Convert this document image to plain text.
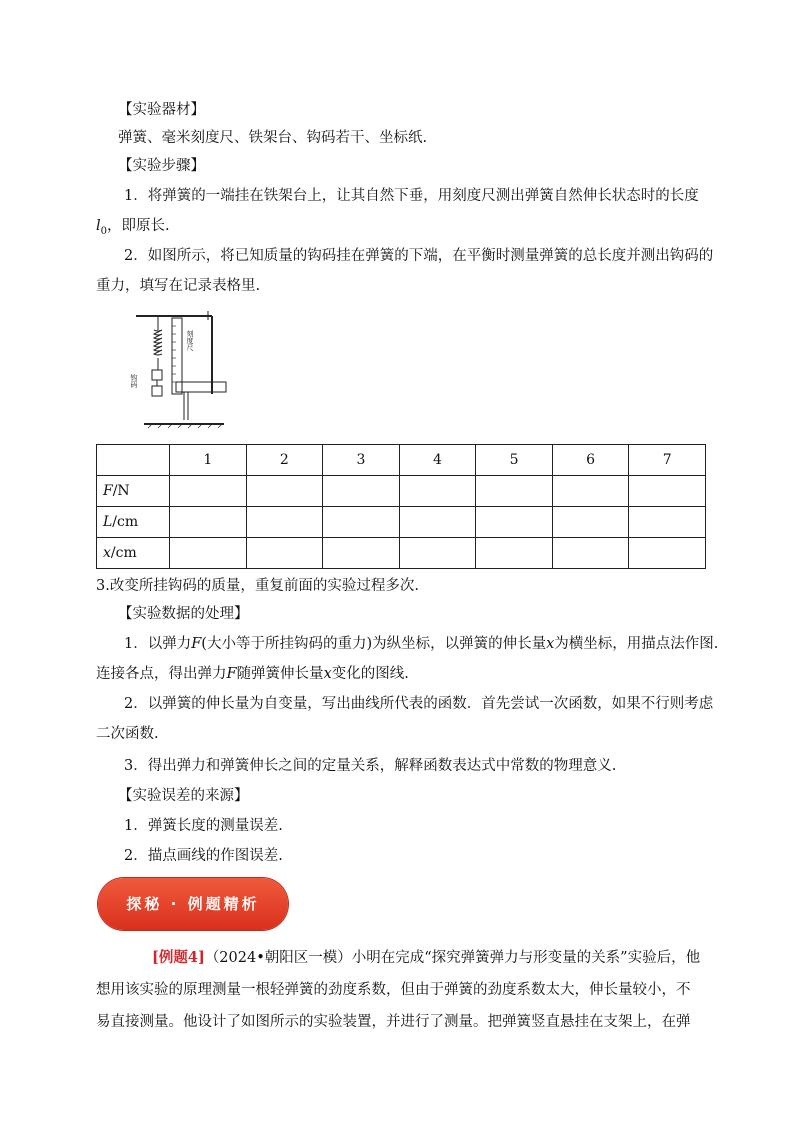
【实验器材】
弹簧、毫米刻度尺、铁架台、钩码若干、坐标纸.
【实验步骤】
1．将弹簧的一端挂在铁架台上，让其自然下垂，用刻度尺测出弹簧自然伸长状态时的长度
$l_0$，即原长.
2．如图所示，将已知质量的钩码挂在弹簧的下端，在平衡时测量弹簧的总长度并测出钩码的
重力，填写在记录表格里.
刻度尺
钩码
	1	2	3	4	5	6	7
F/N							
L/cm							
x/cm							
3.改变所挂钩码的质量，重复前面的实验过程多次.
【实验数据的处理】
1．以弹力F(大小等于所挂钩码的重力)为纵坐标，以弹簧的伸长量x为横坐标，用描点法作图.
连接各点，得出弹力F随弹簧伸长量x变化的图线.
2．以弹簧的伸长量为自变量，写出曲线所代表的函数．首先尝试一次函数，如果不行则考虑
二次函数.
3．得出弹力和弹簧伸长之间的定量关系，解释函数表达式中常数的物理意义.
【实验误差的来源】
1．弹簧长度的测量误差.
2．描点画线的作图误差.
探秘 · 例题精析
[例题4]（2024•朝阳区一模）小明在完成“探究弹簧弹力与形变量的关系”实验后，他
想用该实验的原理测量一根轻弹簧的劲度系数，但由于弹簧的劲度系数太大，伸长量较小，不
易直接测量。他设计了如图所示的实验装置，并进行了测量。把弹簧竖直悬挂在支架上，在弹
